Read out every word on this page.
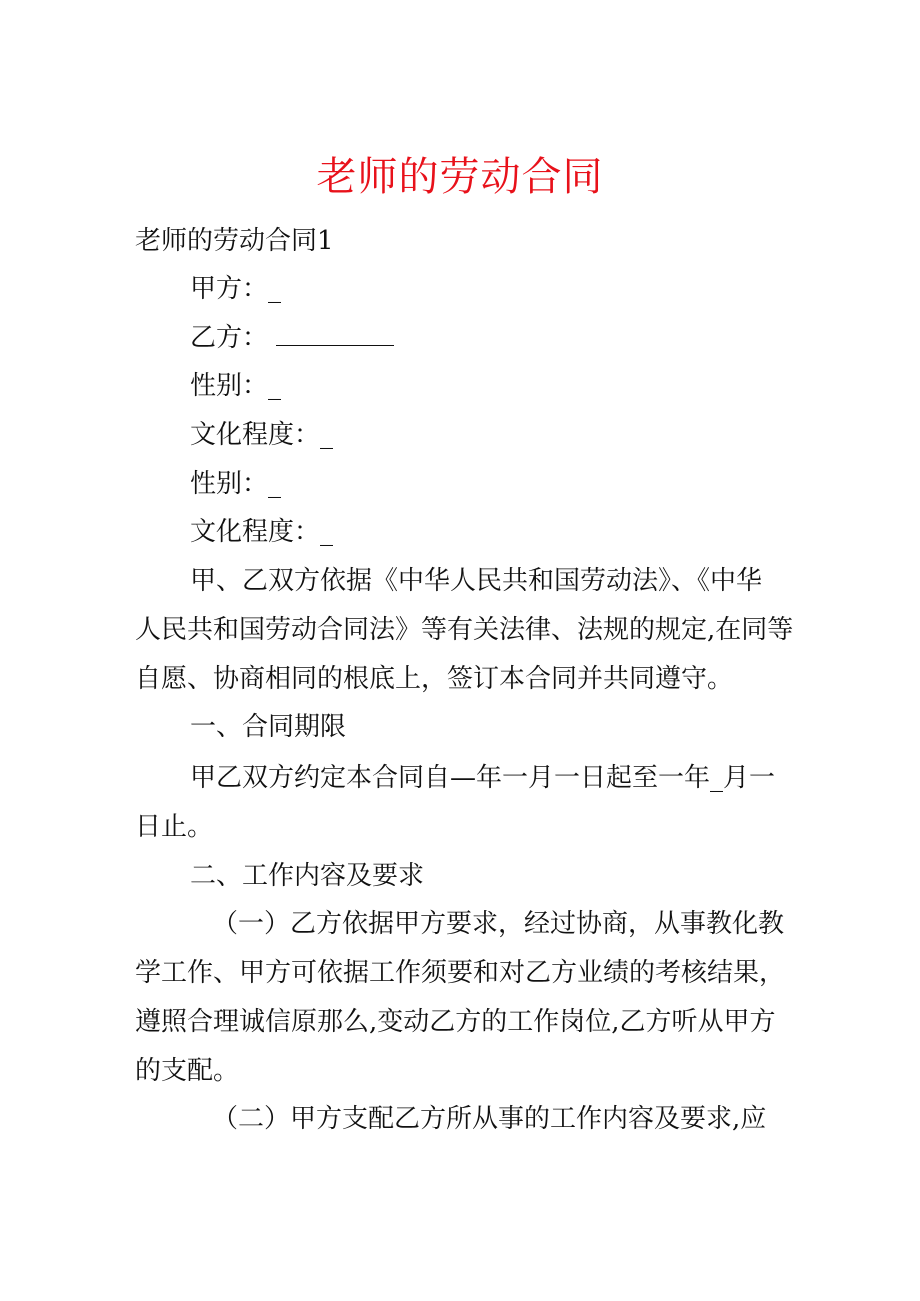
老师的劳动合同
老师的劳动合同1
甲方：_
乙方：
性别：_
文化程度：_
性别：_
文化程度：_
甲、乙双方依据《中华人民共和国劳动法》、《中华
人民共和国劳动合同法》等有关法律、法规的规定,在同等
自愿、协商相同的根底上，签订本合同并共同遵守。
一、合同期限
甲乙双方约定本合同自—年一月一日起至一年_月一
日止。
二、工作内容及要求
（一）乙方依据甲方要求，经过协商，从事教化教
学工作、甲方可依据工作须要和对乙方业绩的考核结果，
遵照合理诚信原那么,变动乙方的工作岗位,乙方听从甲方
的支配。
（二）甲方支配乙方所从事的工作内容及要求,应
